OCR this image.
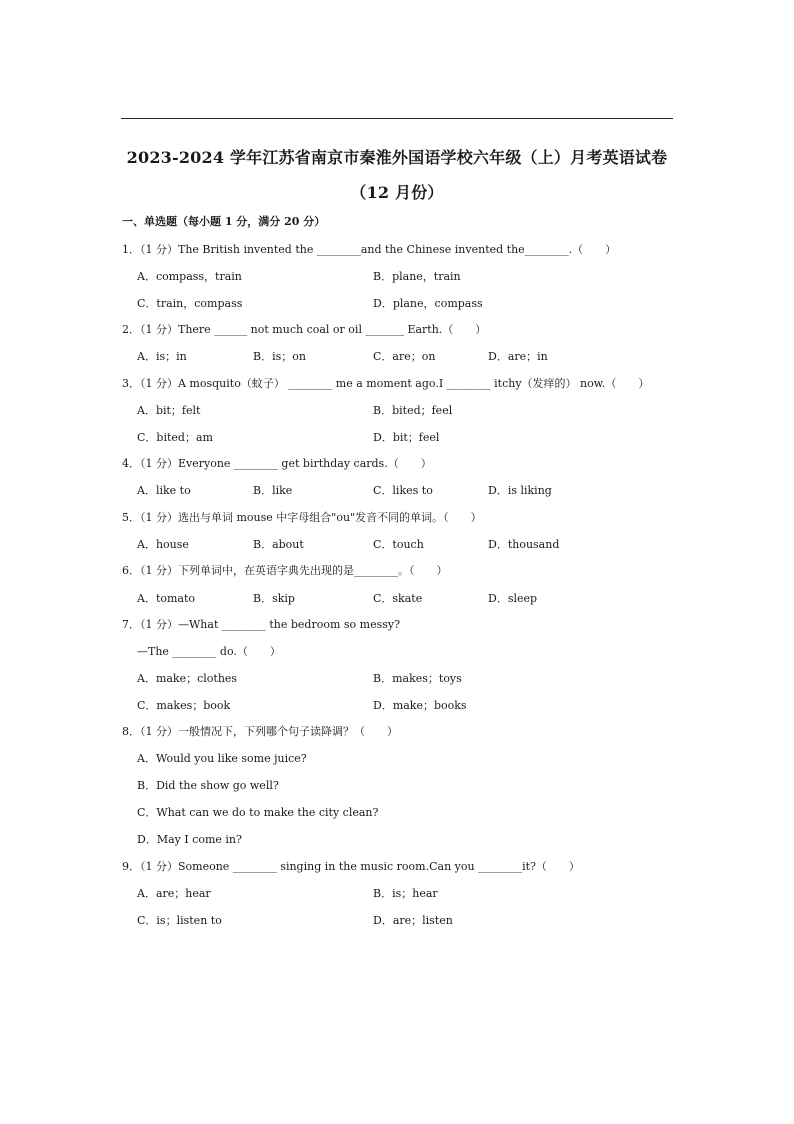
2023-2024 学年江苏省南京市秦淮外国语学校六年级（上）月考英语试卷
（12 月份）
一、单选题（每小题 1 分，满分 20 分）
1．（1 分）The British invented the ________and the Chinese invented the________.（　　）
A．compass，train	B．plane，train
C．train，compass	D．plane，compass
2．（1 分）There ______ not much coal or oil _______ Earth.（　　）
A．is；in	B．is；on	C．are；on	D．are；in
3．（1 分）A mosquito（蚊子） ________ me a moment ago.I ________ itchy（发痒的） now.（　　）
A．bit；felt	B．bited；feel
C．bited；am	D．bit；feel
4．（1 分）Everyone ________ get birthday cards.（　　）
A．like to	B．like	C．likes to	D．is liking
5．（1 分）选出与单词 mouse 中字母组合"ou"发音不同的单词。（　　）
A．house	B．about	C．touch	D．thousand
6．（1 分）下列单词中，在英语字典先出现的是________。（　　）
A．tomato	B．skip	C．skate	D．sleep
7．（1 分）—What ________ the bedroom so messy?
—The ________ do.（　　）
A．make；clothes	B．makes；toys
C．makes；book	D．make；books
8．（1 分）一般情况下，下列哪个句子读降调？（　　）
A．Would you like some juice?
B．Did the show go well?
C．What can we do to make the city clean?
D．May I come in?
9．（1 分）Someone ________ singing in the music room.Can you ________it?（　　）
A．are；hear	B．is；hear
C．is；listen to	D．are；listen
